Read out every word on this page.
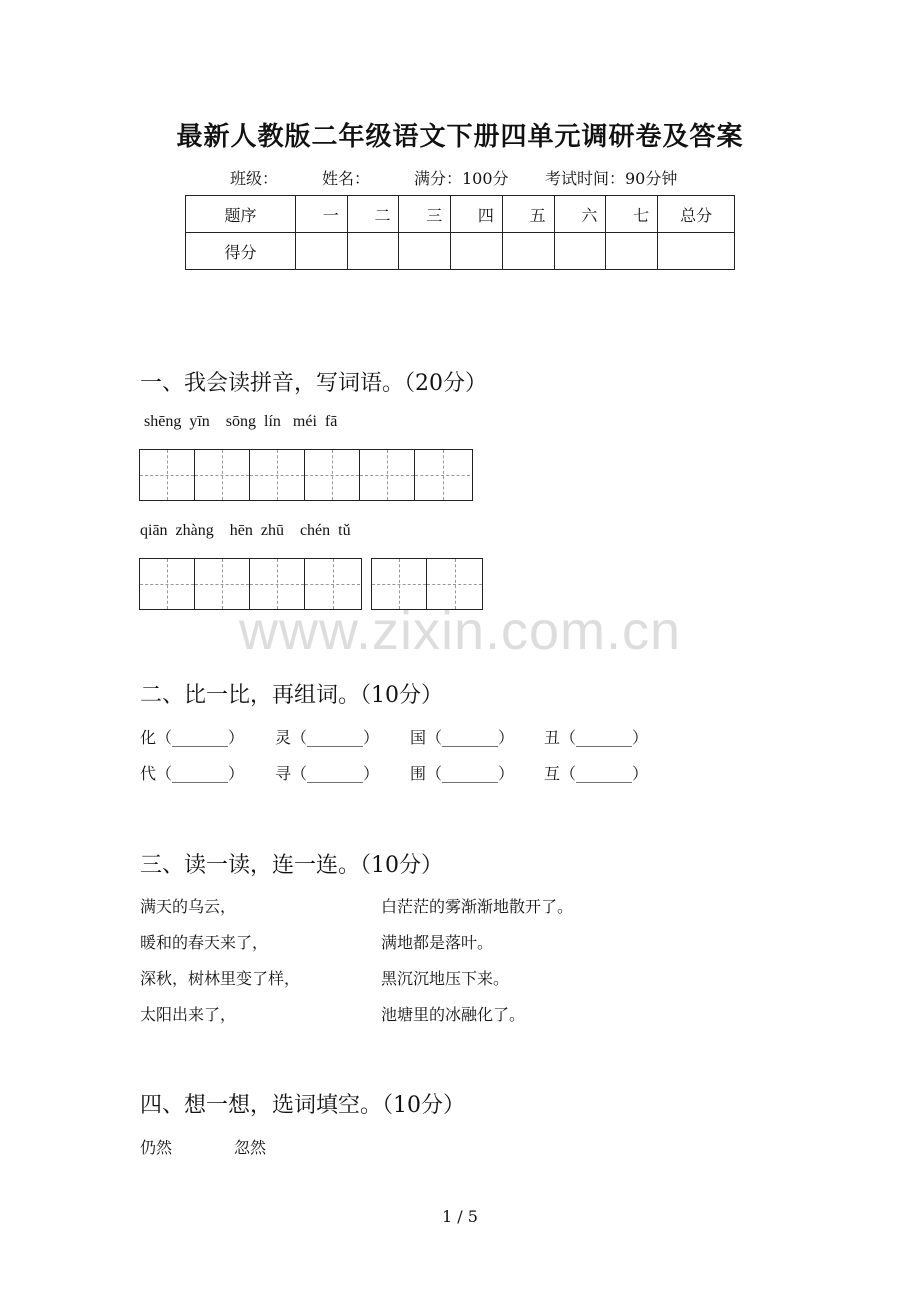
最新人教版二年级语文下册四单元调研卷及答案
班级：	姓名：	满分：100分 考试时间：90分钟
题序	一	二	三	四	五	六	七	总分
得分								
一、我会读拼音，写词语。（20分）
shēng  yīn    sōng  lín   méi  fā
qiān  zhàng    hēn  zhū    chén  tǔ
www.zixin.com.cn
二、比一比，再组词。（10分）
化（_______） 灵（_______） 国（_______） 丑（_______）
代（_______） 寻（_______） 围（_______） 互（_______）
三、读一读，连一连。（10分）
满天的乌云，	白茫茫的雾渐渐地散开了。
暖和的春天来了，	满地都是落叶。
深秋，树林里变了样，	黑沉沉地压下来。
太阳出来了，	池塘里的冰融化了。
四、想一想，选词填空。（10分）
仍然	忽然
1 / 5
